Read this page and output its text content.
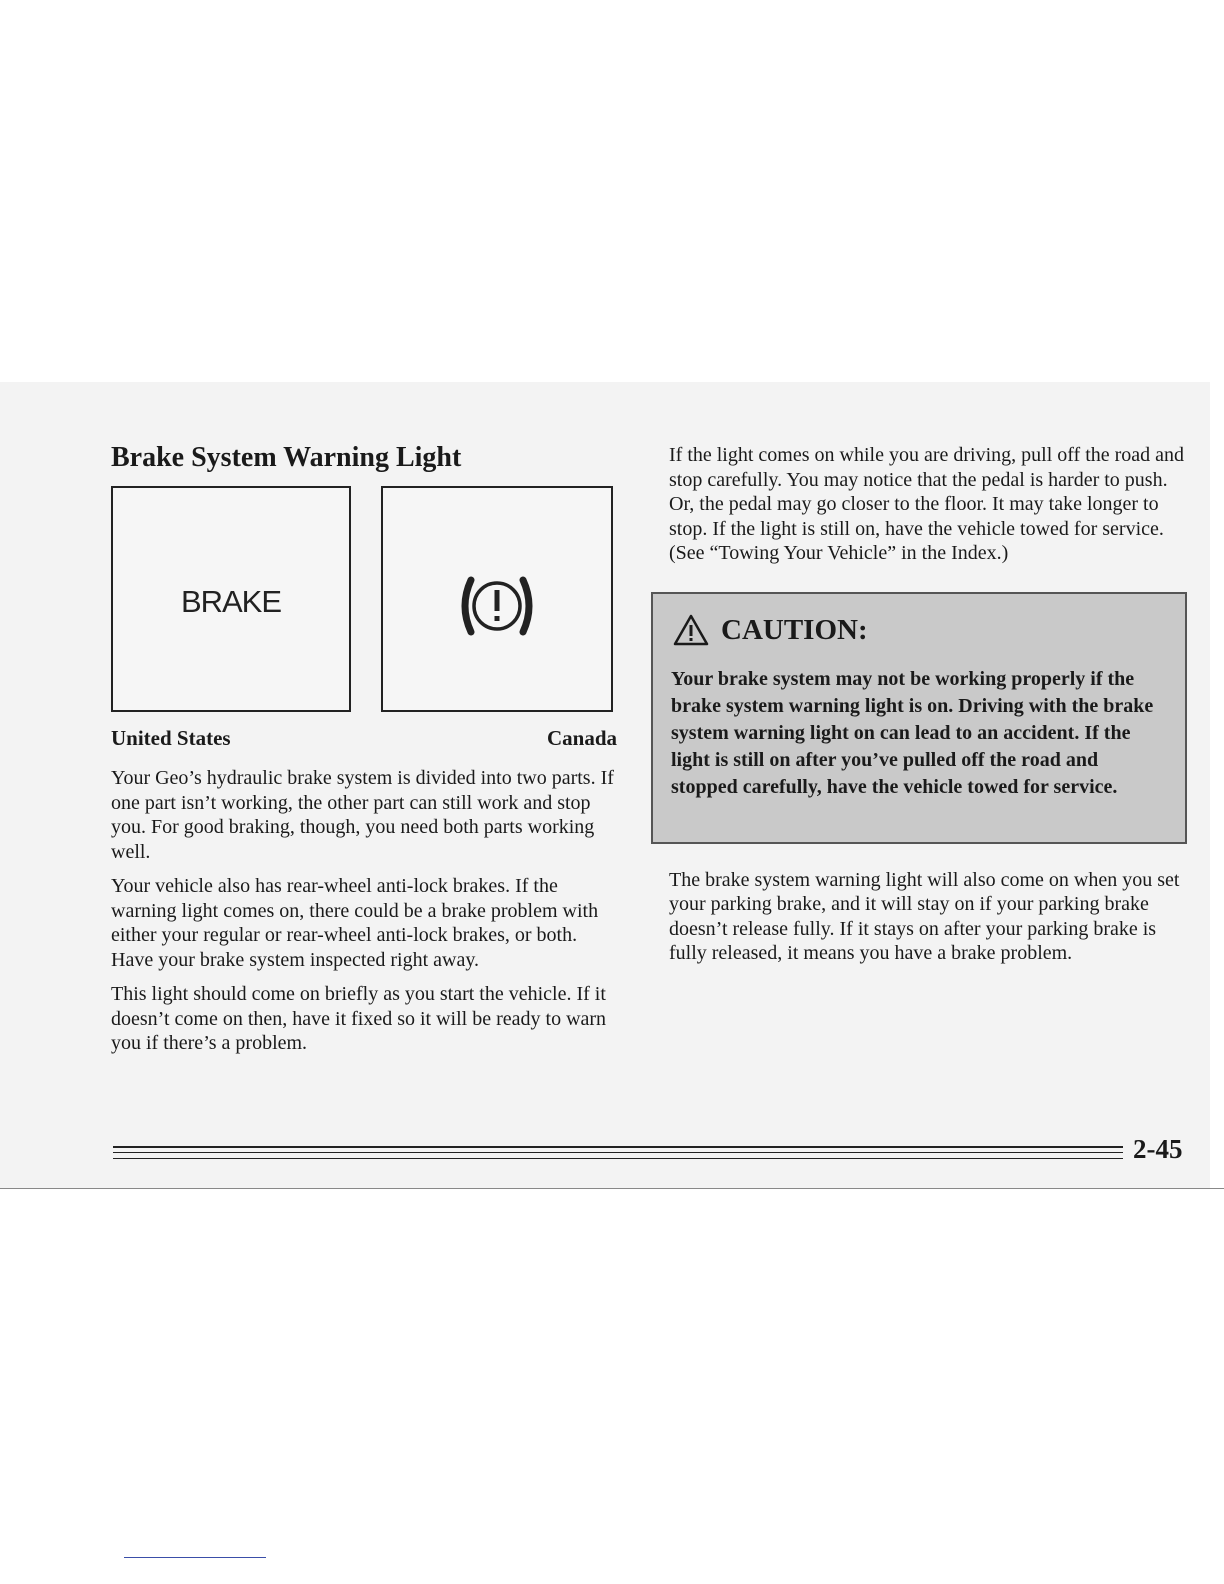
Brake System Warning Light
BRAKE
United States	Canada

Your Geo’s hydraulic brake system is divided into two parts. If one part isn’t working, the other part can still work and stop you. For good braking, though, you need both parts working well.

Your vehicle also has rear-wheel anti-lock brakes. If the warning light comes on, there could be a brake problem with either your regular or rear-wheel anti-lock brakes, or both. Have your brake system inspected right away.

This light should come on briefly as you start the vehicle. If it doesn’t come on then, have it fixed so it will be ready to warn you if there’s a problem.

If the light comes on while you are driving, pull off the road and stop carefully. You may notice that the pedal is harder to push. Or, the pedal may go closer to the floor. It may take longer to stop. If the light is still on, have the vehicle towed for service. (See “Towing Your Vehicle” in the Index.)

CAUTION:
Your brake system may not be working properly if the brake system warning light is on. Driving with the brake system warning light on can lead to an accident. If the light is still on after you’ve pulled off the road and stopped carefully, have the vehicle towed for service.

The brake system warning light will also come on when you set your parking brake, and it will stay on if your parking brake doesn’t release fully. If it stays on after your parking brake is fully released, it means you have a brake problem.

2-45
